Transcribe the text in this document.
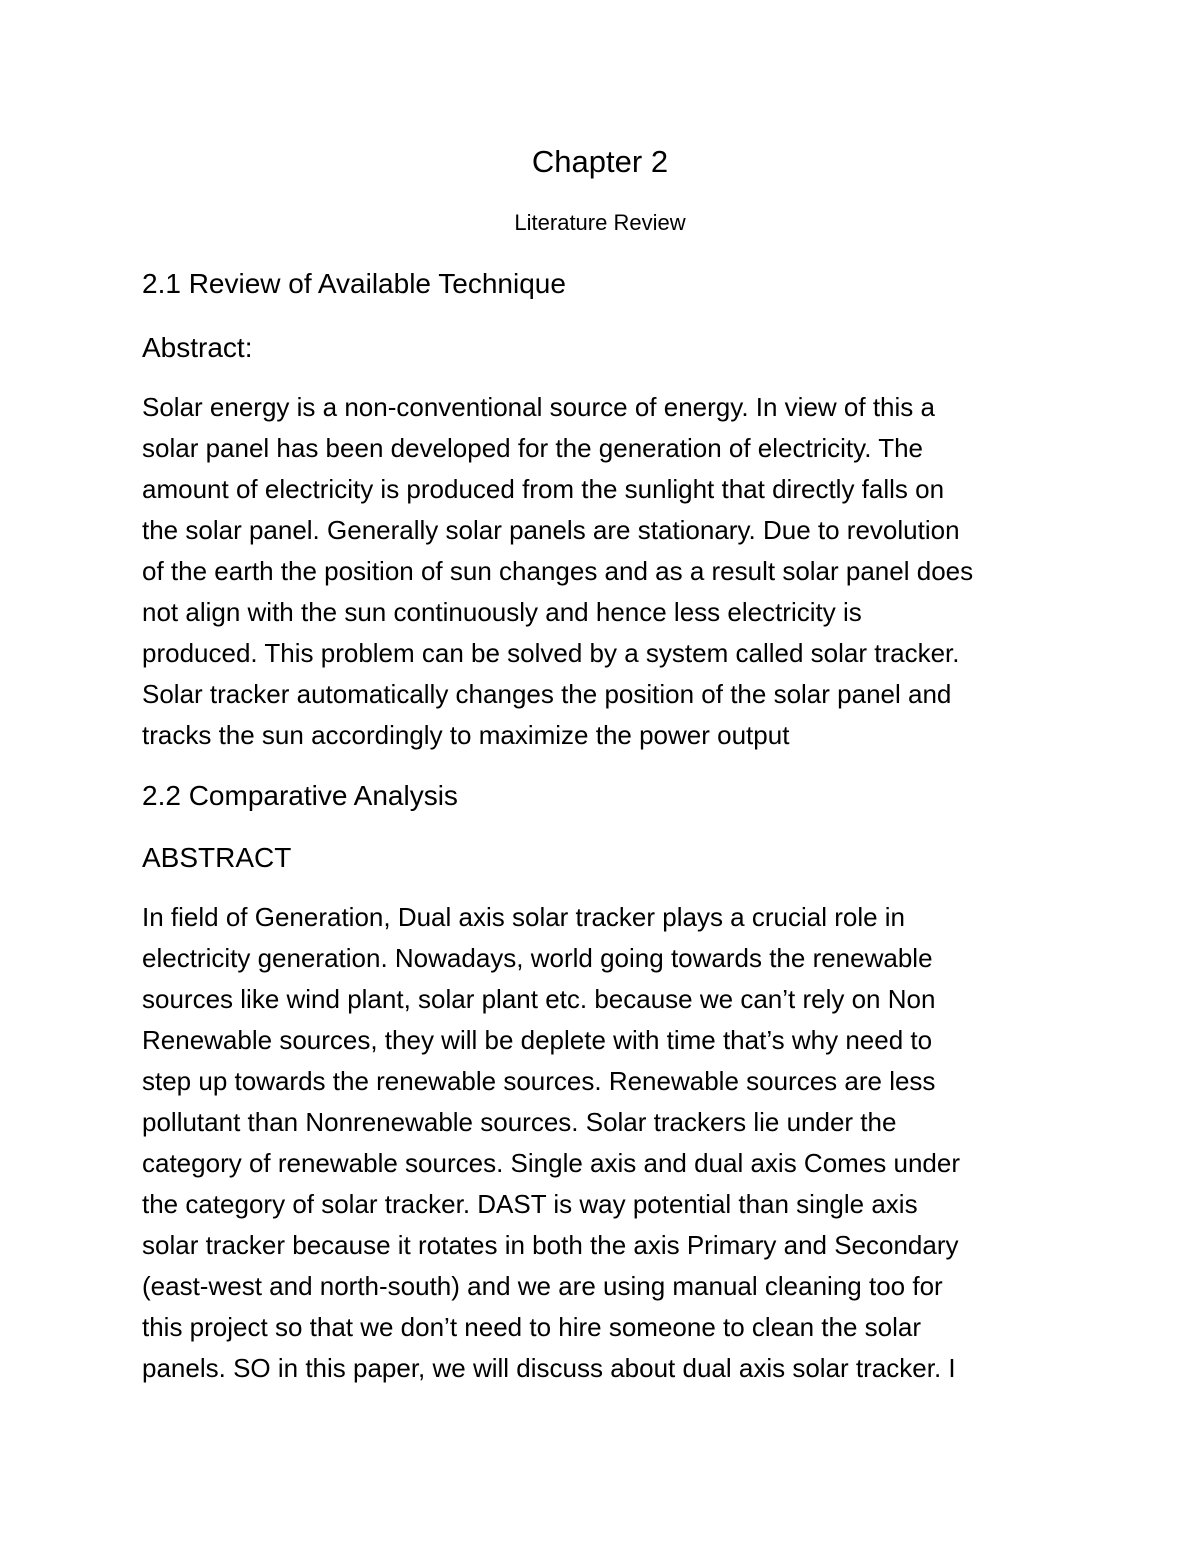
Chapter 2
Literature Review
2.1 Review of Available Technique
Abstract:
Solar energy is a non-conventional source of energy. In view of this a
solar panel has been developed for the generation of electricity. The
amount of electricity is produced from the sunlight that directly falls on
the solar panel. Generally solar panels are stationary. Due to revolution
of the earth the position of sun changes and as a result solar panel does
not align with the sun continuously and hence less electricity is
produced. This problem can be solved by a system called solar tracker.
Solar tracker automatically changes the position of the solar panel and
tracks the sun accordingly to maximize the power output
2.2 Comparative Analysis
ABSTRACT
In field of Generation, Dual axis solar tracker plays a crucial role in
electricity generation. Nowadays, world going towards the renewable
sources like wind plant, solar plant etc. because we can’t rely on Non
Renewable sources, they will be deplete with time that’s why need to
step up towards the renewable sources. Renewable sources are less
pollutant than Nonrenewable sources. Solar trackers lie under the
category of renewable sources. Single axis and dual axis Comes under
the category of solar tracker. DAST is way potential than single axis
solar tracker because it rotates in both the axis Primary and Secondary
(east-west and north-south) and we are using manual cleaning too for
this project so that we don’t need to hire someone to clean the solar
panels. SO in this paper, we will discuss about dual axis solar tracker. I
